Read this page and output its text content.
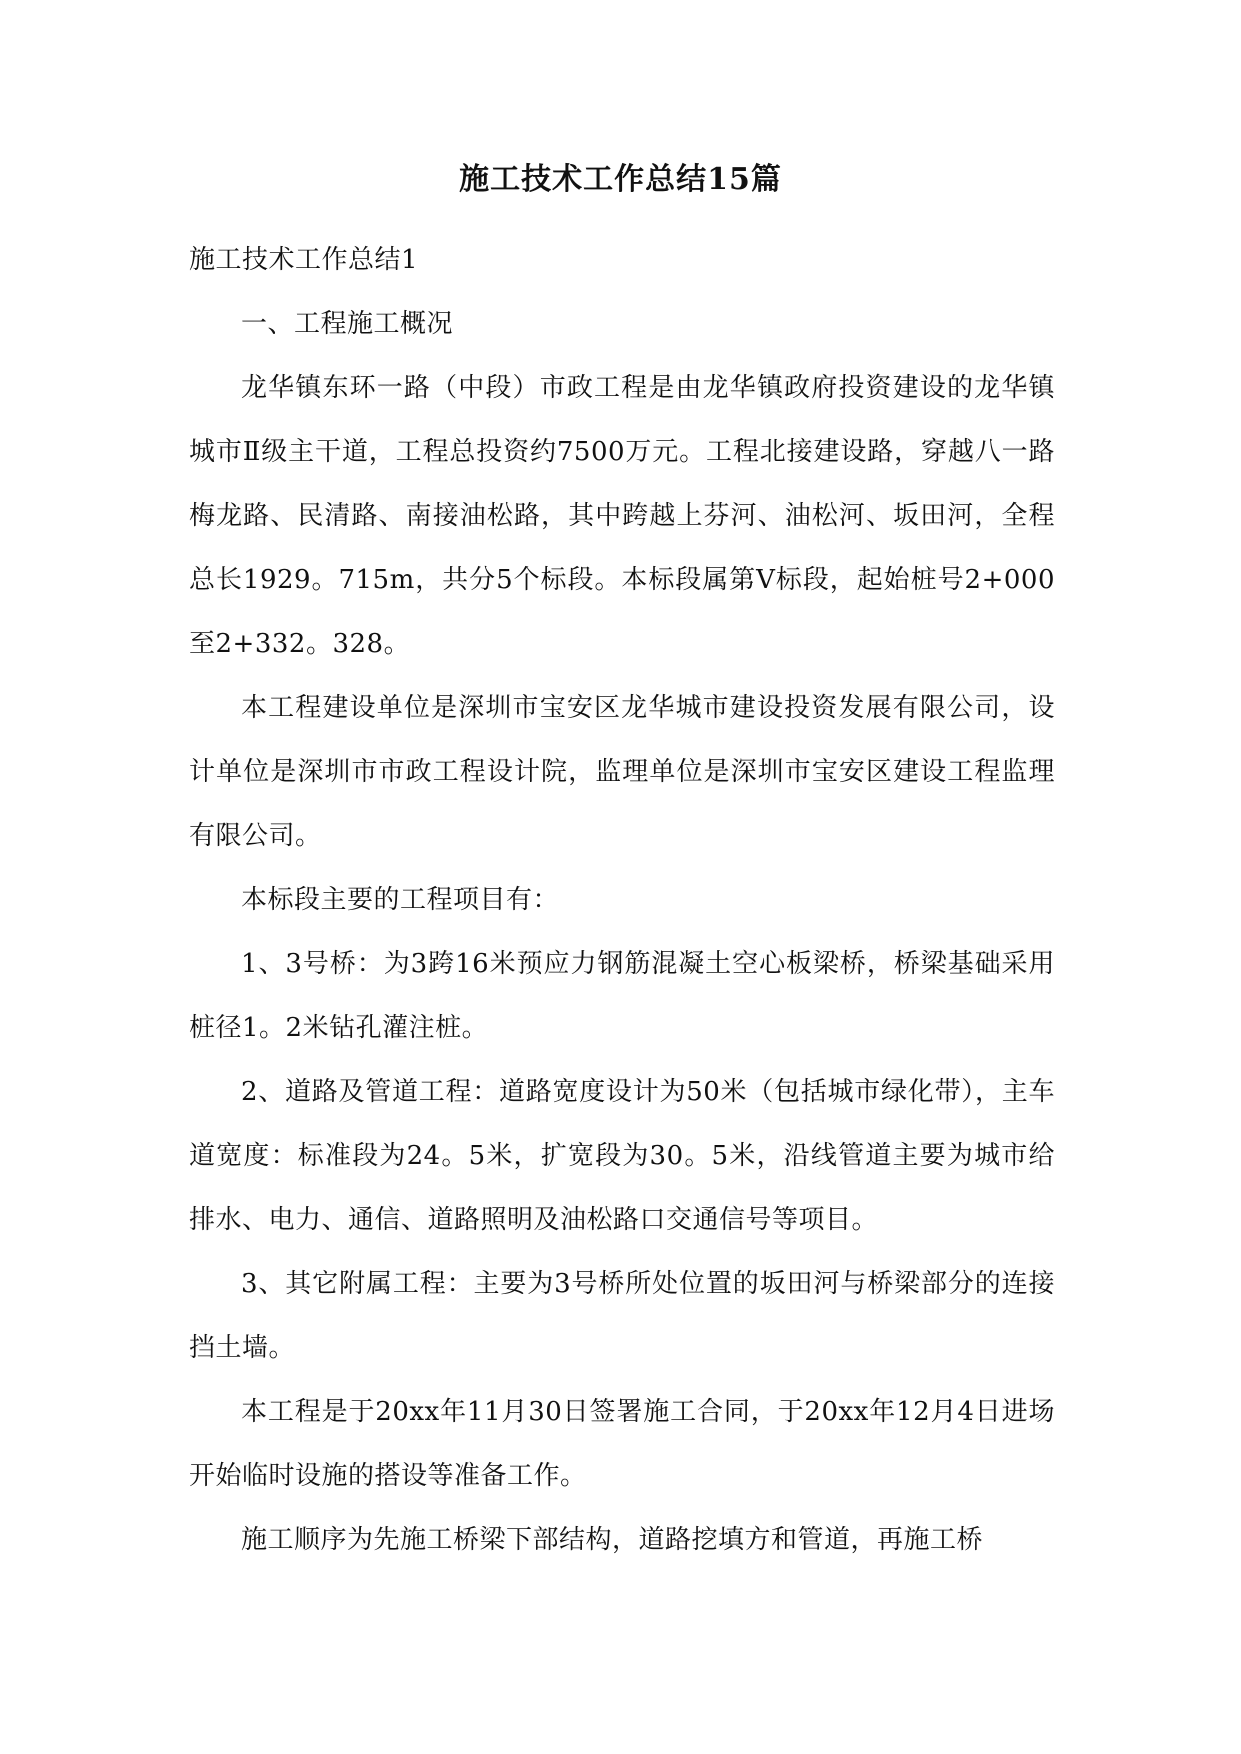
施工技术工作总结15篇

施工技术工作总结1

一、工程施工概况

龙华镇东环一路（中段）市政工程是由龙华镇政府投资建设的龙华镇城市Ⅱ级主干道，工程总投资约7500万元。工程北接建设路，穿越八一路梅龙路、民清路、南接油松路，其中跨越上芬河、油松河、坂田河，全程总长1929。715m，共分5个标段。本标段属第Ⅴ标段，起始桩号2+000至2+332。328。

本工程建设单位是深圳市宝安区龙华城市建设投资发展有限公司，设计单位是深圳市市政工程设计院，监理单位是深圳市宝安区建设工程监理有限公司。

本标段主要的工程项目有：

1、3号桥：为3跨16米预应力钢筋混凝土空心板梁桥，桥梁基础采用桩径1。2米钻孔灌注桩。

2、道路及管道工程：道路宽度设计为50米（包括城市绿化带），主车道宽度：标准段为24。5米，扩宽段为30。5米，沿线管道主要为城市给排水、电力、通信、道路照明及油松路口交通信号等项目。

3、其它附属工程：主要为3号桥所处位置的坂田河与桥梁部分的连接挡土墙。

本工程是于20xx年11月30日签署施工合同，于20xx年12月4日进场开始临时设施的搭设等准备工作。

施工顺序为先施工桥梁下部结构，道路挖填方和管道，再施工桥
